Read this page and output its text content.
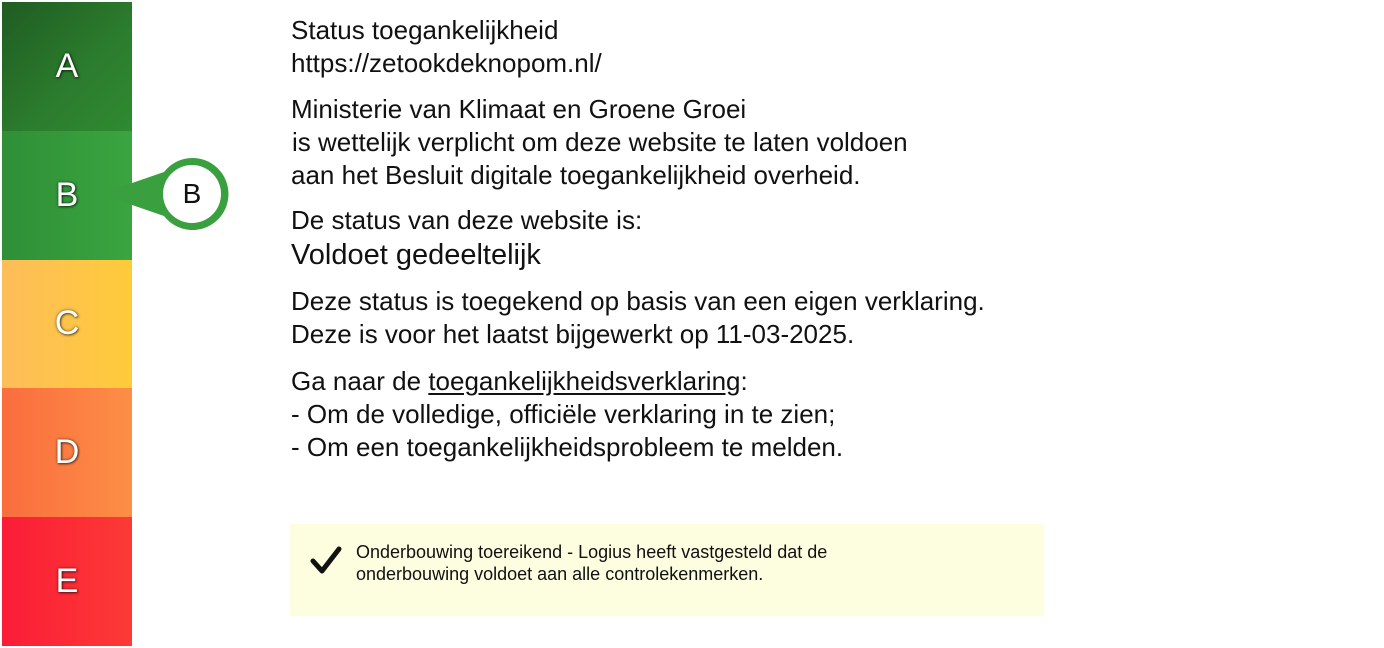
A
B
C
D
E
B
Status toegankelijkheid
https://zetookdeknopom.nl/
Ministerie van Klimaat en Groene Groei
is wettelijk verplicht om deze website te laten voldoen
aan het Besluit digitale toegankelijkheid overheid.
De status van deze website is:
Voldoet gedeeltelijk
Deze status is toegekend op basis van een eigen verklaring.
Deze is voor het laatst bijgewerkt op 11-03-2025.
Ga naar de toegankelijkheidsverklaring:
- Om de volledige, officiële verklaring in te zien;
- Om een toegankelijkheidsprobleem te melden.
Onderbouwing toereikend - Logius heeft vastgesteld dat de
onderbouwing voldoet aan alle controlekenmerken.
